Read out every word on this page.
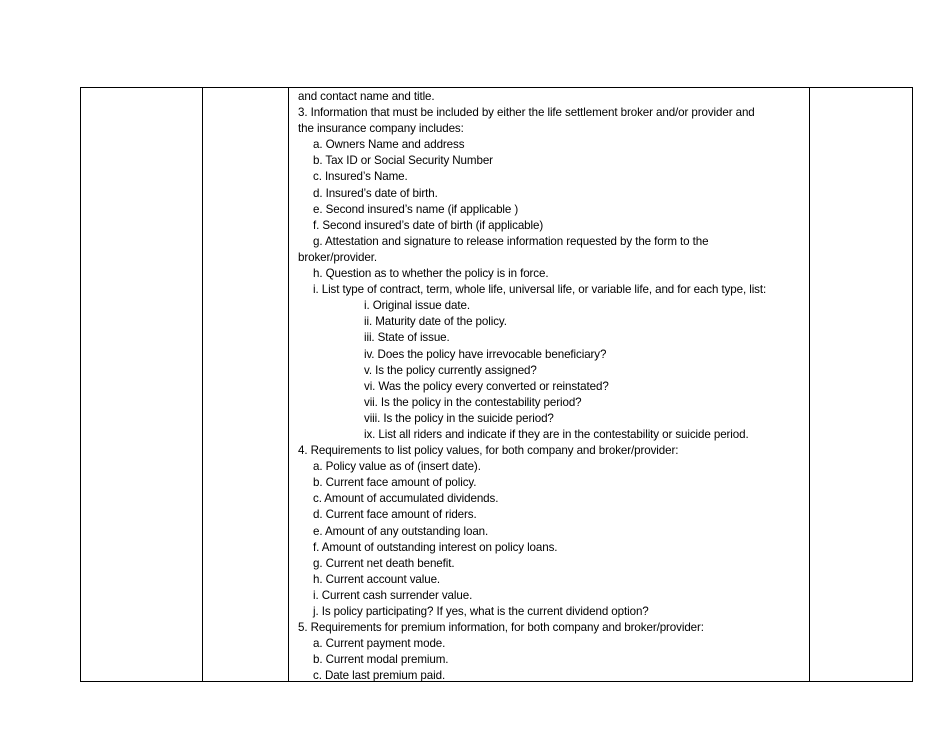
and contact name and title.
3. Information that must be included by either the life settlement broker and/or provider and
the insurance company includes:
a. Owners Name and address
b. Tax ID or Social Security Number
c. Insured’s Name.
d. Insured’s date of birth.
e. Second insured’s name (if applicable )
f. Second insured’s date of birth (if applicable)
g. Attestation and signature to release information requested by the form to the
broker/provider.
h. Question as to whether the policy is in force.
i. List type of contract, term, whole life, universal life, or variable life, and for each type, list:
i. Original issue date.
ii. Maturity date of the policy.
iii. State of issue.
iv. Does the policy have irrevocable beneficiary?
v. Is the policy currently assigned?
vi. Was the policy every converted or reinstated?
vii. Is the policy in the contestability period?
viii. Is the policy in the suicide period?
ix. List all riders and indicate if they are in the contestability or suicide period.
4. Requirements to list policy values, for both company and broker/provider:
a. Policy value as of (insert date).
b. Current face amount of policy.
c. Amount of accumulated dividends.
d. Current face amount of riders.
e. Amount of any outstanding loan.
f. Amount of outstanding interest on policy loans.
g. Current net death benefit.
h. Current account value.
i. Current cash surrender value.
j. Is policy participating? If yes, what is the current dividend option?
5. Requirements for premium information, for both company and broker/provider:
a. Current payment mode.
b. Current modal premium.
c. Date last premium paid.
